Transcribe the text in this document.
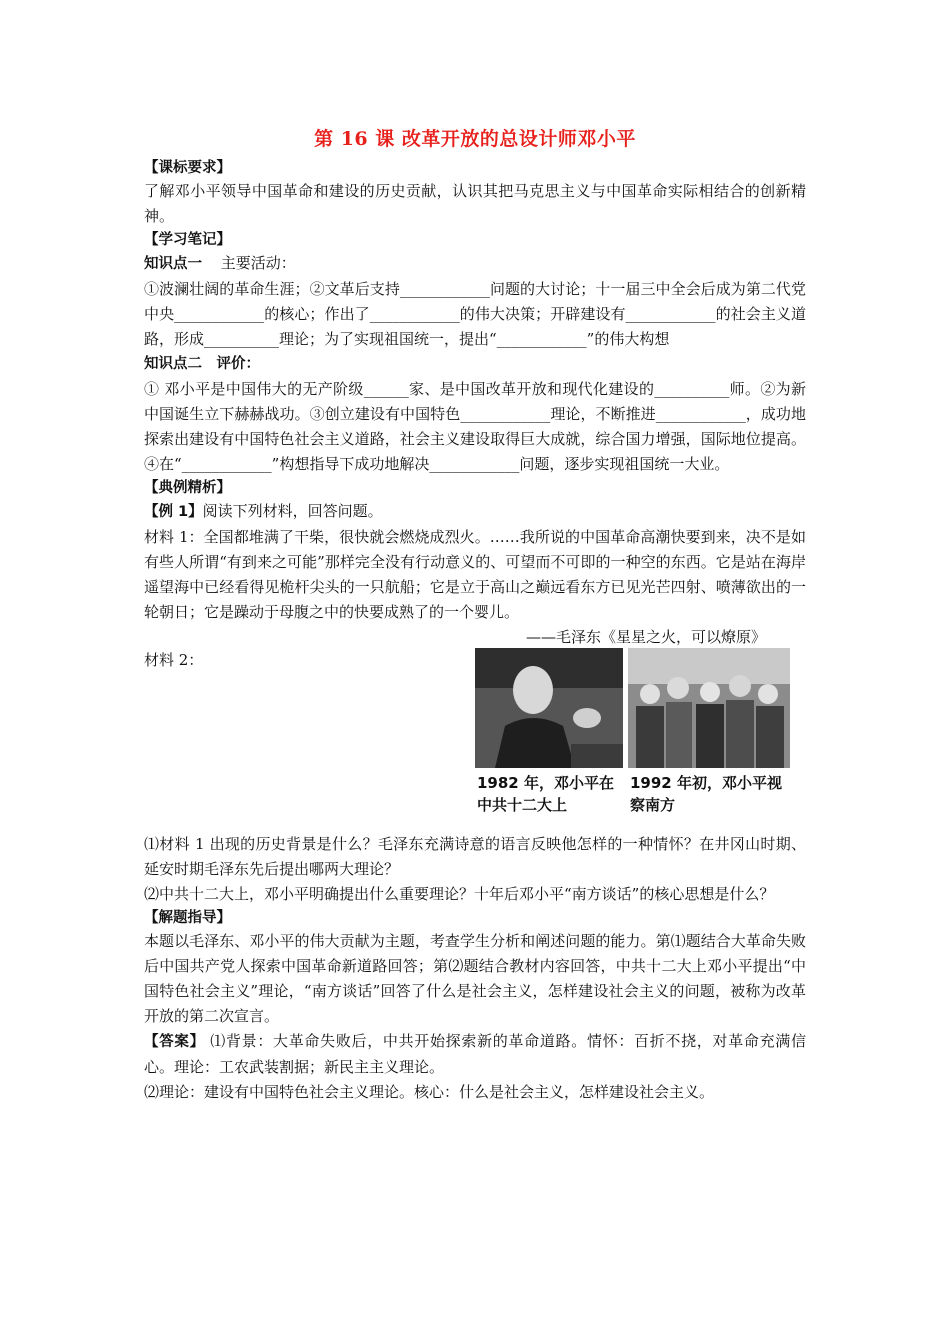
第 16 课 改革开放的总设计师邓小平
【课标要求】

了解邓小平领导中国革命和建设的历史贡献，认识其把马克思主义与中国革命实际相结合的创新精神。

【学习笔记】

知识点一 主要活动：

①波澜壮阔的革命生涯；②文革后支持____________问题的大讨论；十一届三中全会后成为第二代党中央____________的核心；作出了____________的伟大决策；开辟建设有____________的社会主义道路，形成__________理论；为了实现祖国统一，提出“____________”的伟大构想

知识点二　评价：

① 邓小平是中国伟大的无产阶级______家、是中国改革开放和现代化建设的__________师。②为新中国诞生立下赫赫战功。③创立建设有中国特色____________理论，不断推进____________，成功地探索出建设有中国特色社会主义道路，社会主义建设取得巨大成就，综合国力增强，国际地位提高。④在“____________”构想指导下成功地解决____________问题，逐步实现祖国统一大业。

【典例精析】

【例 1】阅读下列材料，回答问题。

材料 1：全国都堆满了干柴，很快就会燃烧成烈火。……我所说的中国革命高潮快要到来，决不是如有些人所谓“有到来之可能”那样完全没有行动意义的、可望而不可即的一种空的东西。它是站在海岸遥望海中已经看得见桅杆尖头的一只航船；它是立于高山之巅远看东方已见光芒四射、喷薄欲出的一轮朝日；它是躁动于母腹之中的快要成熟了的一个婴儿。

——毛泽东《星星之火，可以燎原》
材料 2：
1982 年，邓小平在中共十二大上
1992 年初，邓小平视察南方

⑴材料 1 出现的历史背景是什么？毛泽东充满诗意的语言反映他怎样的一种情怀？在井冈山时期、延安时期毛泽东先后提出哪两大理论？

⑵中共十二大上，邓小平明确提出什么重要理论？十年后邓小平“南方谈话”的核心思想是什么？

【解题指导】

本题以毛泽东、邓小平的伟大贡献为主题，考查学生分析和阐述问题的能力。第⑴题结合大革命失败后中国共产党人探索中国革命新道路回答；第⑵题结合教材内容回答，中共十二大上邓小平提出“中国特色社会主义”理论，“南方谈话”回答了什么是社会主义，怎样建设社会主义的问题，被称为改革开放的第二次宣言。

【答案】 ⑴背景：大革命失败后，中共开始探索新的革命道路。情怀：百折不挠，对革命充满信心。理论：工农武装割据；新民主主义理论。

⑵理论：建设有中国特色社会主义理论。核心：什么是社会主义，怎样建设社会主义。
